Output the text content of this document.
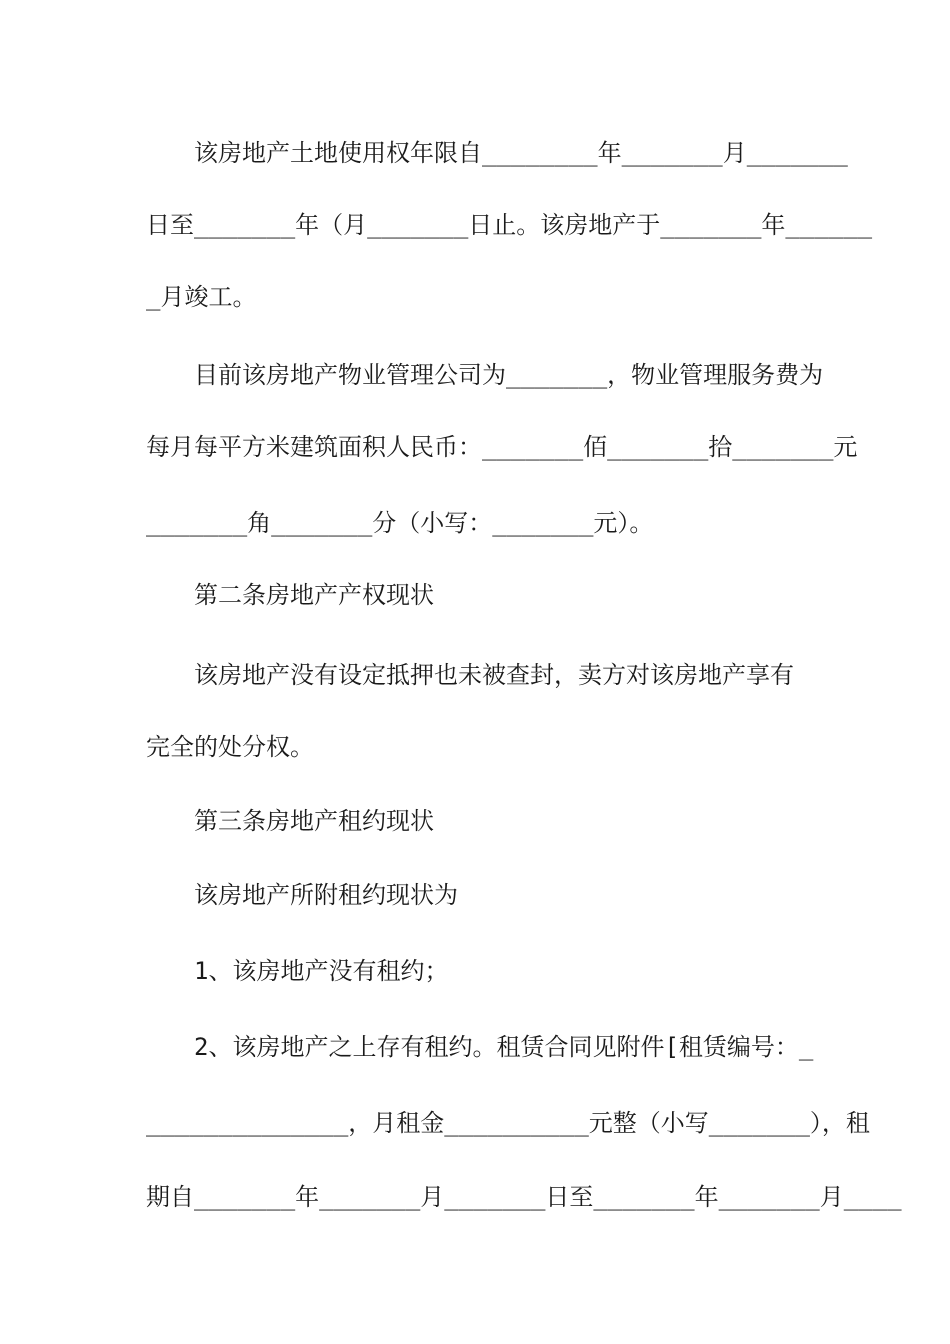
该房地产土地使用权年限自________年_______月_______
日至_______年（月_______日止。该房地产于_______年______
_月竣工。
目前该房地产物业管理公司为_______，物业管理服务费为
每月每平方米建筑面积人民币：_______佰_______拾_______元
_______角_______分（小写：_______元）。
第二条房地产产权现状
该房地产没有设定抵押也未被查封，卖方对该房地产享有
完全的处分权。
第三条房地产租约现状
该房地产所附租约现状为
1、该房地产没有租约；
2、该房地产之上存有租约。租赁合同见附件[租赁编号：_
______________，月租金__________元整（小写_______），租
期自_______年_______月_______日至_______年_______月____
